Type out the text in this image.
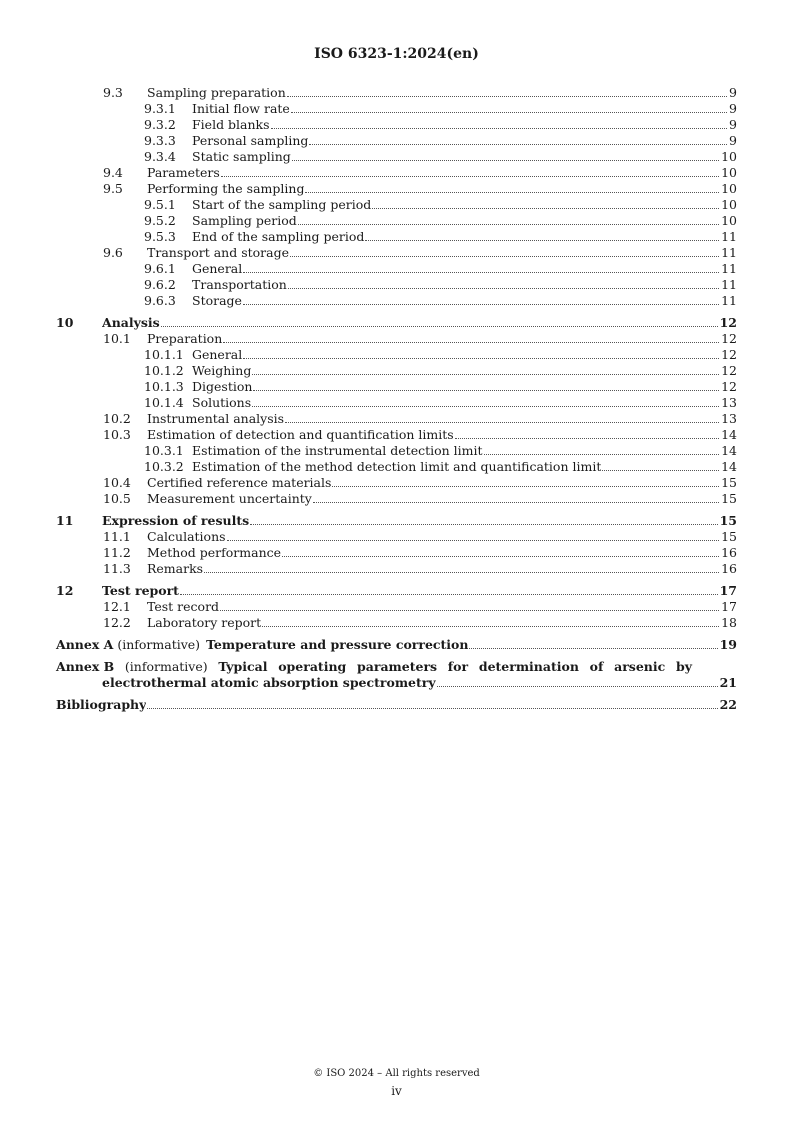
ISO 6323-1:2024(en)
9.3 Sampling preparation	9
9.3.1 Initial flow rate	9
9.3.2 Field blanks	9
9.3.3 Personal sampling	9
9.3.4 Static sampling	10
9.4 Parameters	10
9.5 Performing the sampling	10
9.5.1 Start of the sampling period	10
9.5.2 Sampling period	10
9.5.3 End of the sampling period	11
9.6 Transport and storage	11
9.6.1 General	11
9.6.2 Transportation	11
9.6.3 Storage	11
10 Analysis	12
10.1 Preparation	12
10.1.1 General	12
10.1.2 Weighing	12
10.1.3 Digestion	12
10.1.4 Solutions	13
10.2 Instrumental analysis	13
10.3 Estimation of detection and quantification limits	14
10.3.1 Estimation of the instrumental detection limit	14
10.3.2 Estimation of the method detection limit and quantification limit	14
10.4 Certified reference materials	15
10.5 Measurement uncertainty	15
11 Expression of results	15
11.1 Calculations	15
11.2 Method performance	16
11.3 Remarks	16
12 Test report	17
12.1 Test record	17
12.2 Laboratory report	18
Annex A (informative) Temperature and pressure correction	19
Annex B (informative) Typical operating parameters for determination of arsenic by
electrothermal atomic absorption spectrometry	21
Bibliography	22
© ISO 2024 – All rights reserved
iv
